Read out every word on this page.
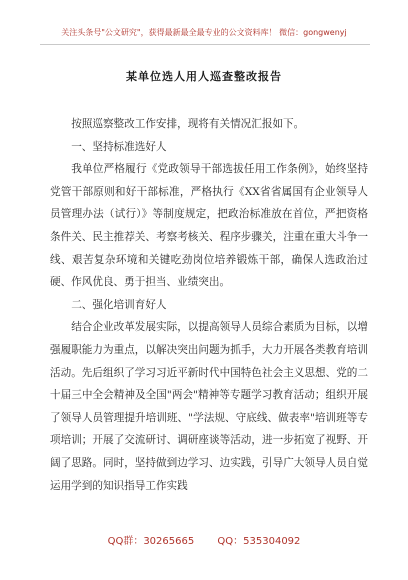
关注头条号"公文研究"，获得最新最全最专业的公文资料库！ 微信：gongwenyj
某单位选人用人巡查整改报告

按照巡察整改工作安排，现将有关情况汇报如下。

一、坚持标准选好人

我单位严格履行《党政领导干部选拔任用工作条例》，始终坚持党管干部原则和好干部标准，严格执行《XX省省属国有企业领导人员管理办法（试行）》等制度规定，把政治标准放在首位，严把资格条件关、民主推荐关、考察考核关、程序步骤关，注重在重大斗争一线、艰苦复杂环境和关键吃劲岗位培养锻炼干部，确保人选政治过硬、作风优良、勇于担当、业绩突出。

二、强化培训育好人

结合企业改革发展实际，以提高领导人员综合素质为目标，以增强履职能力为重点，以解决突出问题为抓手，大力开展各类教育培训活动。先后组织了学习习近平新时代中国特色社会主义思想、党的二十届三中全会精神及全国"两会"精神等专题学习教育活动；组织开展了领导人员管理提升培训班、"学法规、守底线、做表率"培训班等专项培训；开展了交流研讨、调研座谈等活动，进一步拓宽了视野、开阔了思路。同时，坚持做到边学习、边实践，引导广大领导人员自觉运用学到的知识指导工作实践

QQ群：30265665 QQ：535304092
